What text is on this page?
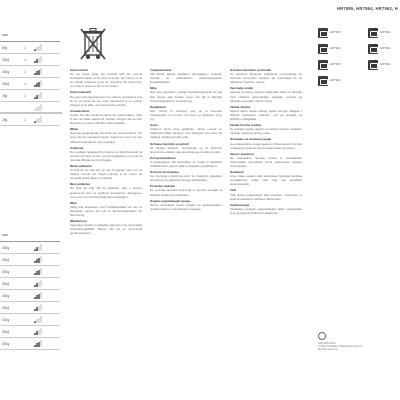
HR7965, HR7964, HR7962, H
max
80g	1
100g	1
400g	1
250g	1
75g	1
25g	1
max
400g
400g
200g
300g
400g
400g
100g
300g
200g
Environment

Do not throw away the product with the normal household waste at the end of its life, but hand it in at an official collection point for recycling. By doing this, you help to preserve the environment.

Environnement

Ne jetez pas l'appareil avec les ordures ménagères à la fin de sa durée de vie, mais déposez-le à un endroit assigné à cet effet, où il pourra être recyclé.

Umweltschutz

Geben Sie das Gerät am Ende der Lebensdauer nicht in den normalen Hausmüll, sondern bringen Sie es zum Recycling zu einer offiziellen Sammelstelle.

Milieu

Gooi het apparaat aan het einde van de levensduur niet weg met het normale huisvuil, maar lever het in op een officieel inzamelpunt voor recycling.

Ambiente

Non gettate l'apparecchio insieme ai rifiuti domestici al termine del ciclo di vita, ma consegnatelo a un punto di raccolta ufficiale per il riciclaggio.

Medio ambiente

Al final de su vida útil, no tire el aparato junto con la basura normal del hogar. Llévelo a un punto de recogida oficial para su reciclado.

Meio ambiente

No final da vida útil do aparelho, não o elimine juntamente com os resíduos domésticos. Entregue-o num ponto de recolha oficial para reciclagem.

Miljö

Släng inte apparaten med hushållsavfallet när den är förbrukad. Lämna den på en återvinningsstation för återvinning.

Miljøhensyn

Apparatet må ikke bortskaffes sammen med almindeligt husholdningsaffald. Aflever det på en kommunal genbrugsstation.

Ympäristöasiaa

Älä hävitä laitetta tavallisen talousjätteen mukana. Toimita se valtuutettuun keräyspisteeseen kierrätettäväksi.

Miljø

Ikke kast apparatet i vanlig husholdningsavfall når det ikke lenger skal brukes. Lever det på et offentlig innsamlingssted for resirkulering.

Περιβάλλον

Μην πετάτε τη συσκευή μαζί με τα κανονικά απορρίμματα του σπιτιού στο τέλος της διάρκειας ζωής της.

Çevre

Kullanım ömrü sona erdiğinde, cihazı normal ev atıklarıyla birlikte atmayın. Geri dönüşüm için resmi bir toplama noktasına teslim edin.

Ochrana životního prostředí

Až přístroj doslouží, nevyhazujte jej do běžného domovního odpadu, ale odevzdejte jej na sběrné místo.

Környezetvédelem

A feleslegessé vált készüléket ne dobja a háztartási hulladék közé, hanem adja le hivatalos gyűjtőhelyen.

Ochrona środowiska

Nie wyrzucaj urządzenia wraz ze zwykłymi odpadami domowymi po zakończeniu jego eksploatacji.

Protecţia mediului

Nu aruncaţi aparatul împreună cu gunoiul menajer la sfârşitul duratei de funcţionare.

Охрана окружающей среды

После окончания срока службы не выбрасывайте прибор вместе с бытовыми отходами.

Ochrana životného prostredia

Po skončení životnosti zariadenie nevyhadzujte do bežného domového odpadu, ale odovzdajte ho na oficiálnom zbernom mieste.

Varovanje okolja

Aparata ob koncu njegove življenjske dobe ne odvrzite med običajne gospodinjske odpadke, temveč ga odnesite na uradno zbirno mesto.

Zaštita okoliša

Aparat nakon isteka radnog vijeka nemojte odlagati s običnim kućanskim otpadom, već ga predajte na službeno odlagalište.

Zaštita životne sredine

Ne bacajte aparat zajedno sa običnim kućnim otpadom na kraju njegovog radnog veka.

Опазване на околната среда

Не изхвърляйте уреда заедно с обикновените битови отпадъци в края на експлоатационния му живот.

Захист довкілля

Не викидайте прилад разом із звичайними побутовими відходами після закінчення терміну експлуатації.

Keskkond

Ärge visake seadet selle kasutusea lõppedes tavaliste olmejäätmete hulka, vaid viige see ametlikku kogumispunkti.

Vide

Kad ierīces kalpošanas laiks beidzies, neizmetiet to kopā ar parastiem sadzīves atkritumiem.

Aplinkosauga

Pasibaigus prietaiso eksploatacijos laikui, neišmeskite jo su įprastomis buitinėmis atliekomis.

HR7965	HR7964
HR7962	HR7960
HR7965	HR7964
HR7962
4222.005.0152.1
© 2010 Koninklijke Philips Electronics N.V.
All rights reserved
